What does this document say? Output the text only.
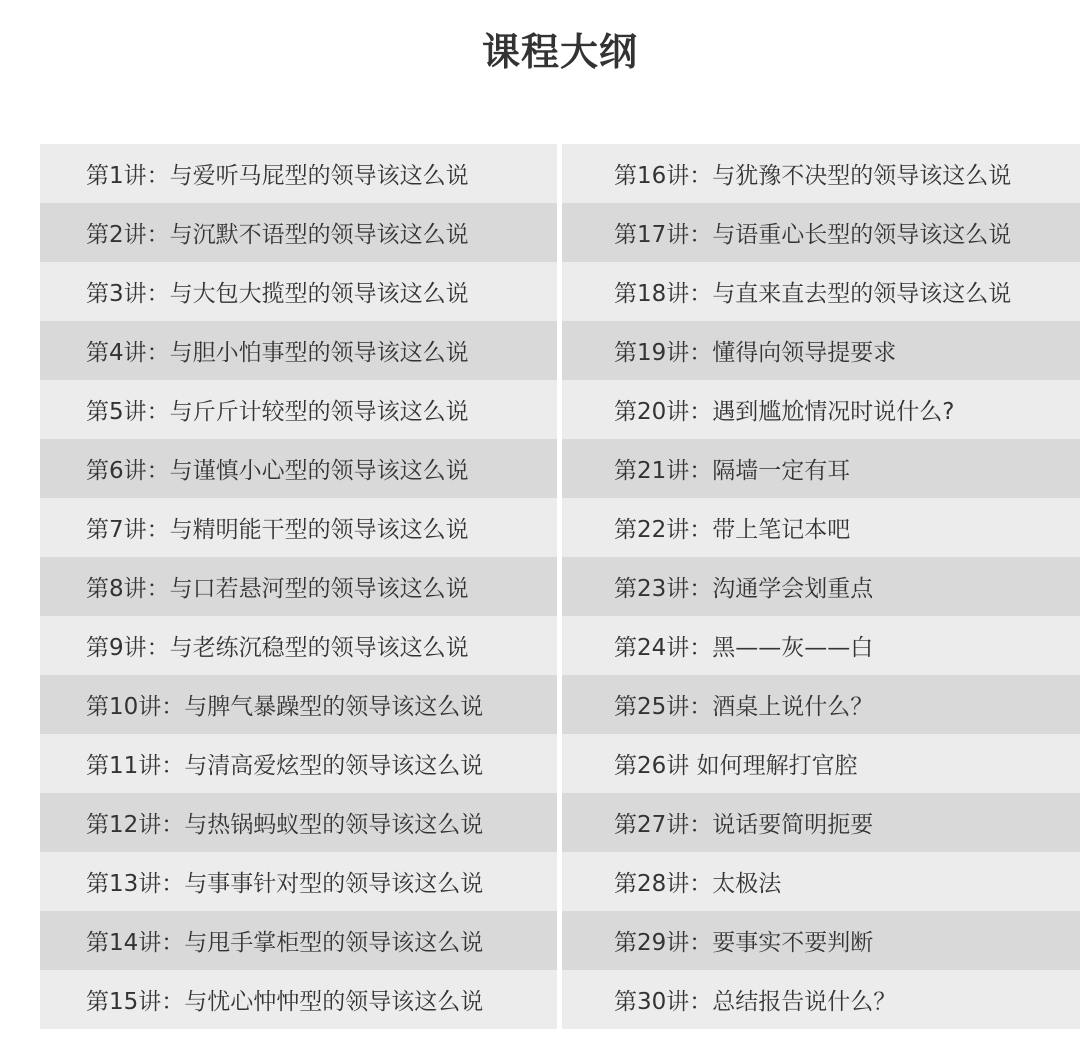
课程大纲
第1讲：与爱听马屁型的领导该这么说
第2讲：与沉默不语型的领导该这么说
第3讲：与大包大揽型的领导该这么说
第4讲：与胆小怕事型的领导该这么说
第5讲：与斤斤计较型的领导该这么说
第6讲：与谨慎小心型的领导该这么说
第7讲：与精明能干型的领导该这么说
第8讲：与口若悬河型的领导该这么说
第9讲：与老练沉稳型的领导该这么说
第10讲：与脾气暴躁型的领导该这么说
第11讲：与清高爱炫型的领导该这么说
第12讲：与热锅蚂蚁型的领导该这么说
第13讲：与事事针对型的领导该这么说
第14讲：与甩手掌柜型的领导该这么说
第15讲：与忧心忡忡型的领导该这么说
第16讲：与犹豫不决型的领导该这么说
第17讲：与语重心长型的领导该这么说
第18讲：与直来直去型的领导该这么说
第19讲：懂得向领导提要求
第20讲：遇到尴尬情况时说什么?
第21讲：隔墙一定有耳
第22讲：带上笔记本吧
第23讲：沟通学会划重点
第24讲：黑——灰——白
第25讲：酒桌上说什么？
第26讲 如何理解打官腔
第27讲：说话要简明扼要
第28讲：太极法
第29讲：要事实不要判断
第30讲：总结报告说什么？
